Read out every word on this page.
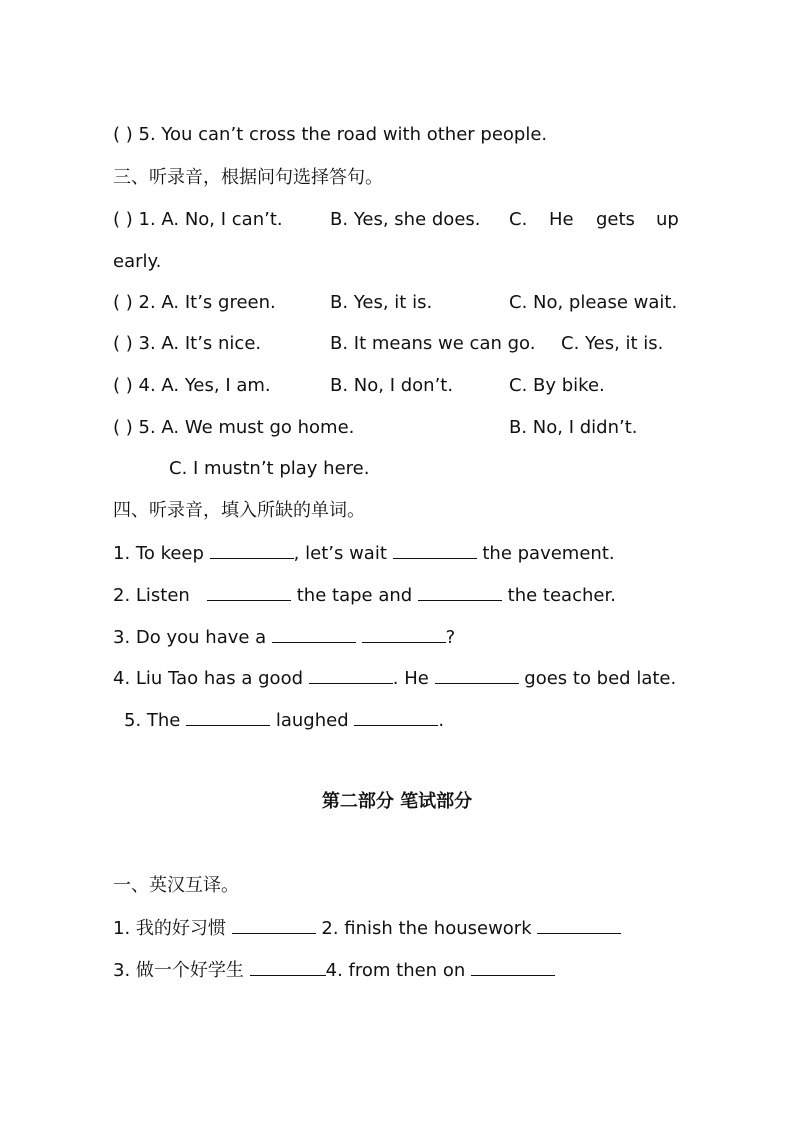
( ) 5. You can’t cross the road with other people.
三、听录音，根据问句选择答句。
( ) 1. A. No, I can’t.	B. Yes, she does. C. He gets up
early.
( ) 2. A. It’s green.	B. Yes, it is.	C. No, please wait.
( ) 3. A. It’s nice.	B. It means we can go. C. Yes, it is.
( ) 4. A. Yes, I am.	B. No, I don’t.	C. By bike.
( ) 5. A. We must go home.	B. No, I didn’t.
C. I mustn’t play here.
四、听录音，填入所缺的单词。
1. To keep	, let’s wait	the pavement.
2. Listen	the tape and	the teacher.
3. Do you have a	?
4. Liu Tao has a good	. He	goes to bed late.
5. The	laughed	.
第二部分 笔试部分
一、英汉互译。
1. 我的好习惯	2. finish the housework
3. 做一个好学生	4. from then on
